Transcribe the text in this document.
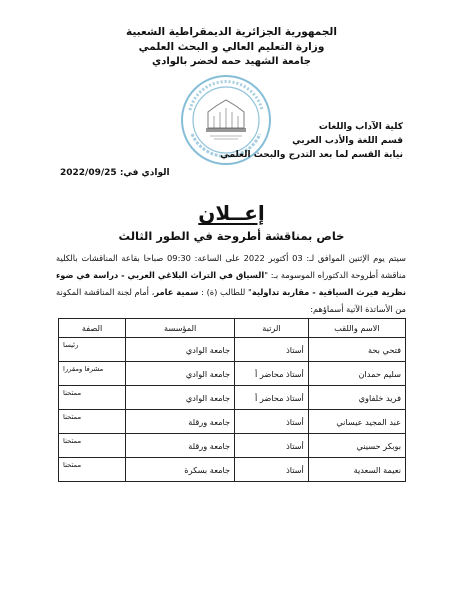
الجمهورية الجزائرية الديمقراطية الشعبية
وزارة التعليم العالي و البحث العلمي
جامعة الشهيد حمه لخضر بالوادي
كلية الآداب واللغات
قسم اللغة والأدب العربي
نيابة القسم لما بعد التدرج والبحث العلمي
الوادي في: 2022/09/25
إعــلان
خاص بمناقشة أطروحة في الطور الثالث
سيتم يوم الإثنين الموافق لـ: 03 أكتوبر 2022 على الساعة: 09:30 صباحا بقاعة المناقشات بالكلية مناقشة أطروحة الدكتوراه الموسومة بـ: "السياق في التراث البلاغي العربي - دراسة في ضوء نظرية فيرث السياقية - مقاربة تداولية" للطالب (ة) : سمية عامر، أمام لجنة المناقشة المكونة من الأساتذة الآتية أسماؤهم:
الاسم واللقب	الرتبة	المؤسسة	الصفة
فتحي بحة	أستاذ	جامعة الوادي	رئيسا
سليم حمدان	أستاذ محاضر أ	جامعة الوادي	مشرفا ومقررا
فريد خلفاوي	أستاذ محاضر أ	جامعة الوادي	ممتحنا
عبد المجيد عيساني	أستاذ	جامعة ورقلة	ممتحنا
بوبكر حسيني	أستاذ	جامعة ورقلة	ممتحنا
نعيمة السعدية	أستاذ	جامعة بسكرة	ممتحنا
